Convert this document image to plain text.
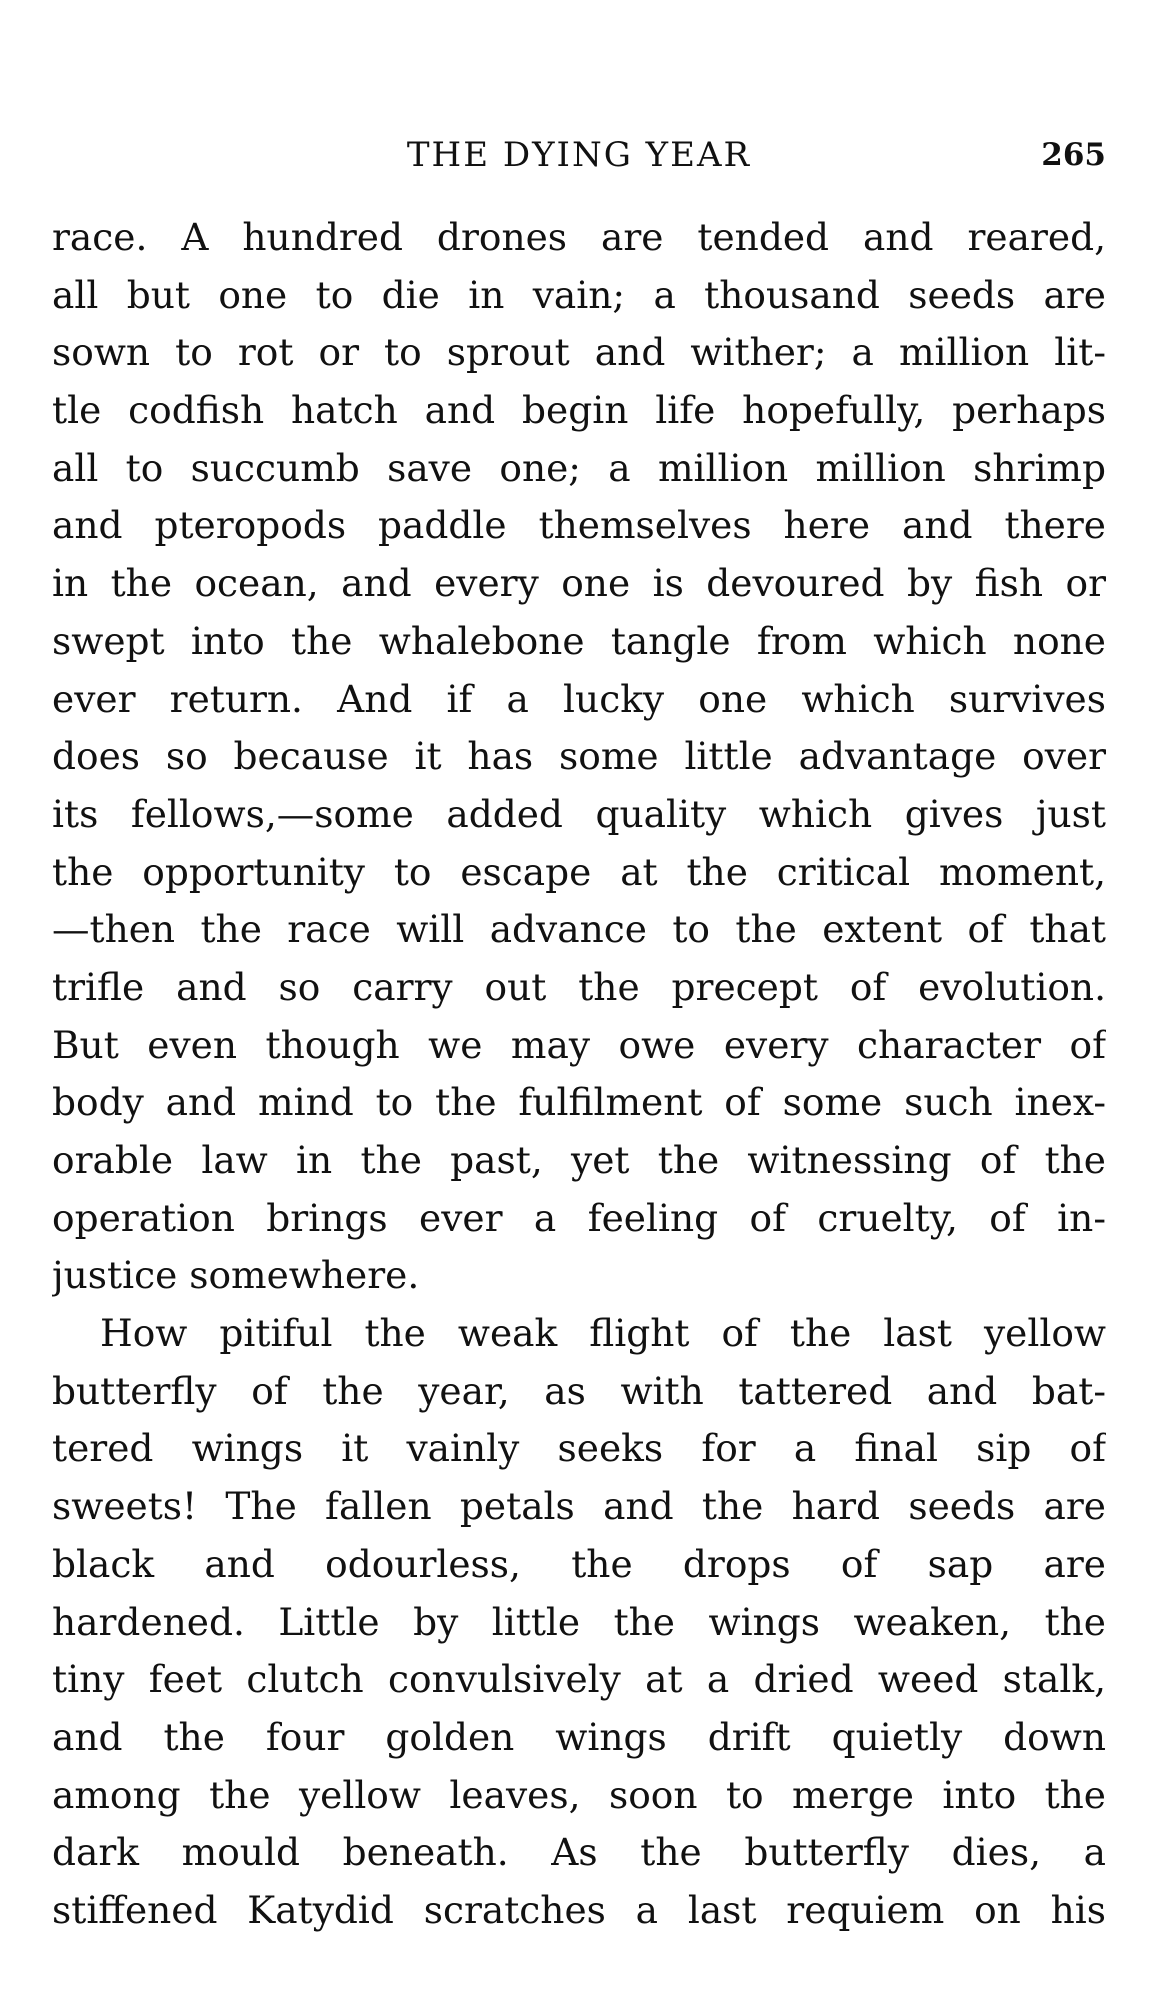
THE DYING YEAR	265
race. A hundred drones are tended and reared,
all but one to die in vain; a thousand seeds are
sown to rot or to sprout and wither; a million lit-
tle codfish hatch and begin life hopefully, perhaps
all to succumb save one; a million million shrimp
and pteropods paddle themselves here and there
in the ocean, and every one is devoured by fish or
swept into the whalebone tangle from which none
ever return. And if a lucky one which survives
does so because it has some little advantage over
its fellows,—some added quality which gives just
the opportunity to escape at the critical moment,
—then the race will advance to the extent of that
trifle and so carry out the precept of evolution.
But even though we may owe every character of
body and mind to the fulfilment of some such inex-
orable law in the past, yet the witnessing of the
operation brings ever a feeling of cruelty, of in-
justice somewhere.
How pitiful the weak flight of the last yellow
butterfly of the year, as with tattered and bat-
tered wings it vainly seeks for a final sip of
sweets! The fallen petals and the hard seeds are
black and odourless, the drops of sap are
hardened. Little by little the wings weaken, the
tiny feet clutch convulsively at a dried weed stalk,
and the four golden wings drift quietly down
among the yellow leaves, soon to merge into the
dark mould beneath. As the butterfly dies, a
stiffened Katydid scratches a last requiem on his
